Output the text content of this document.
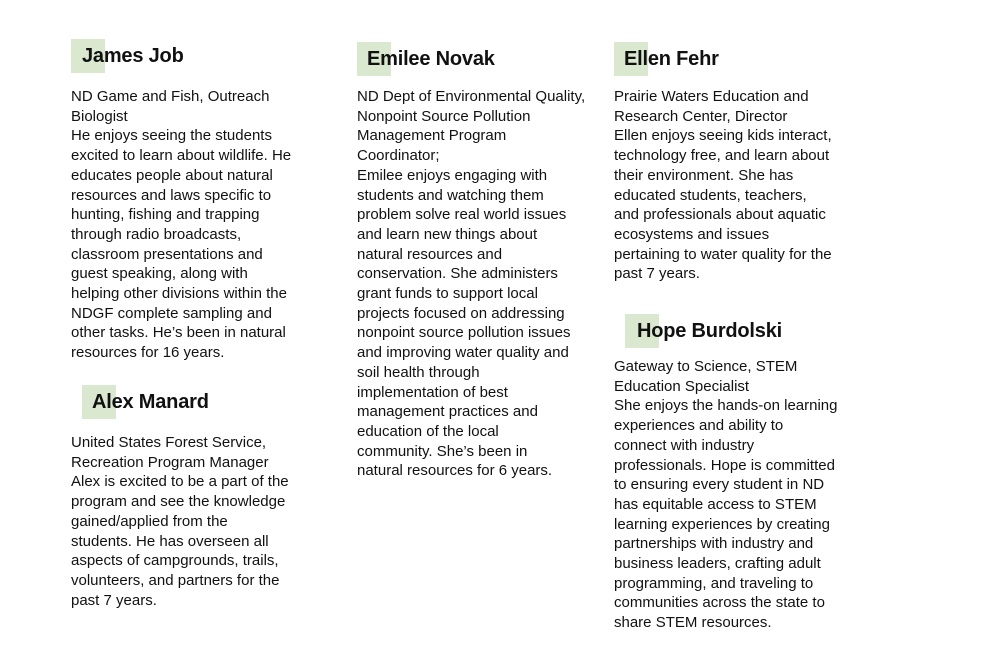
James Job
ND Game and Fish, Outreach
Biologist
He enjoys seeing the students
excited to learn about wildlife. He
educates people about natural
resources and laws specific to
hunting, fishing and trapping
through radio broadcasts,
classroom presentations and
guest speaking, along with
helping other divisions within the
NDGF complete sampling and
other tasks. He’s been in natural
resources for 16 years.
Alex Manard
United States Forest Service,
Recreation Program Manager
Alex is excited to be a part of the
program and see the knowledge
gained/applied from the
students. He has overseen all
aspects of campgrounds, trails,
volunteers, and partners for the
past 7 years.
Emilee Novak
ND Dept of Environmental Quality,
Nonpoint Source Pollution
Management Program
Coordinator;
Emilee enjoys engaging with
students and watching them
problem solve real world issues
and learn new things about
natural resources and
conservation. She administers
grant funds to support local
projects focused on addressing
nonpoint source pollution issues
and improving water quality and
soil health through
implementation of best
management practices and
education of the local
community. She’s been in
natural resources for 6 years.
Ellen Fehr
Prairie Waters Education and
Research Center, Director
Ellen enjoys seeing kids interact,
technology free, and learn about
their environment. She has
educated students, teachers,
and professionals about aquatic
ecosystems and issues
pertaining to water quality for the
past 7 years.
Hope Burdolski
Gateway to Science, STEM
Education Specialist
She enjoys the hands-on learning
experiences and ability to
connect with industry
professionals. Hope is committed
to ensuring every student in ND
has equitable access to STEM
learning experiences by creating
partnerships with industry and
business leaders, crafting adult
programming, and traveling to
communities across the state to
share STEM resources.
